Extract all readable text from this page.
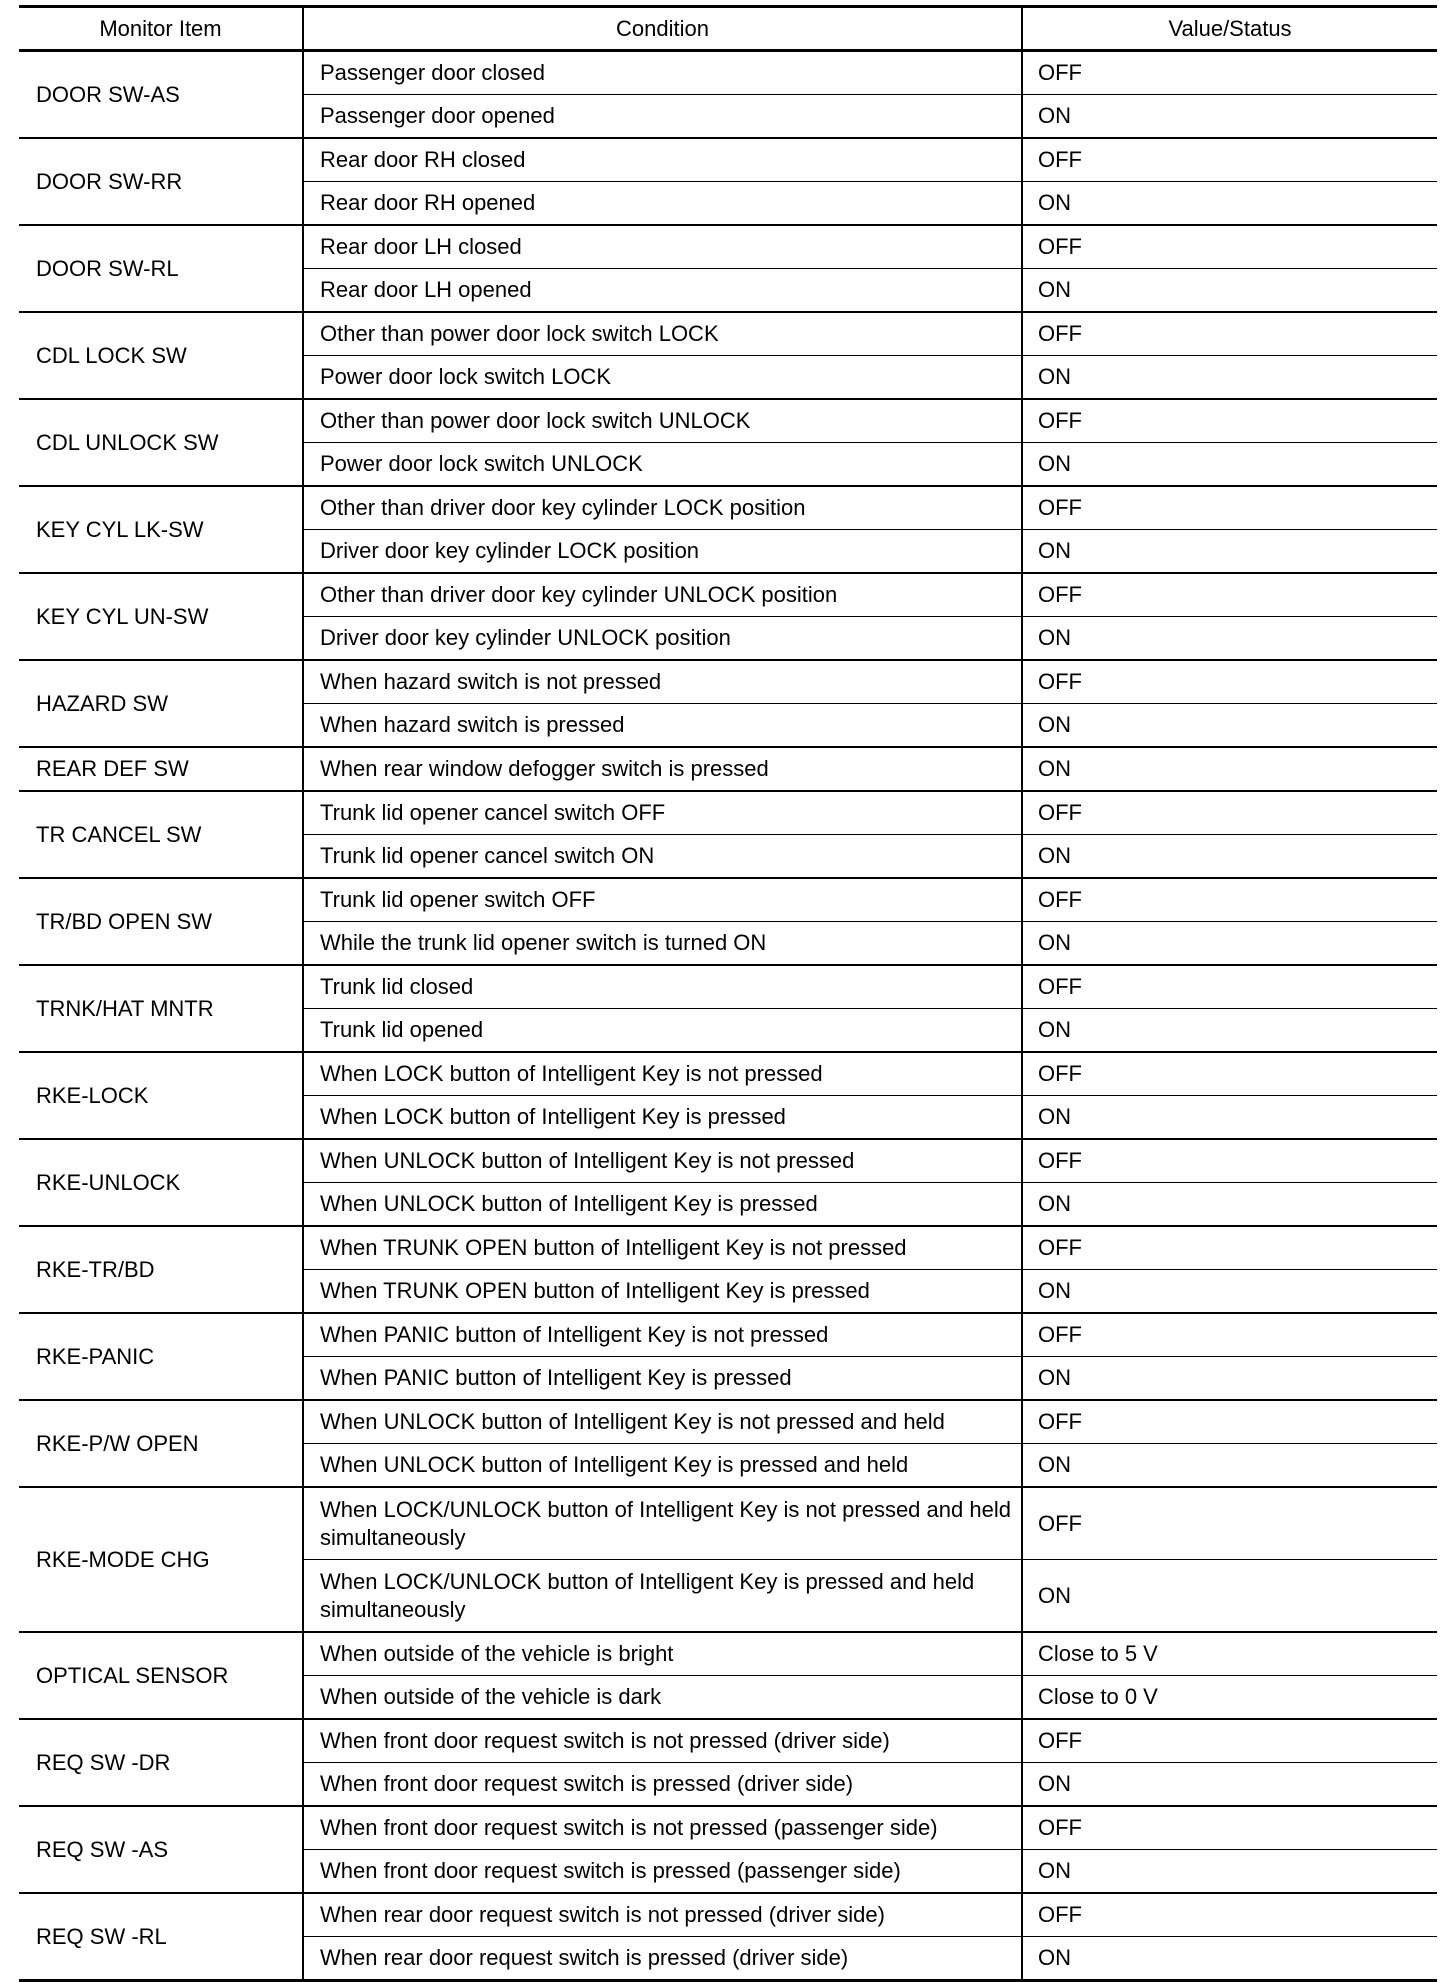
Monitor Item	Condition	Value/Status
DOOR SW-AS	Passenger door closed	OFF
	Passenger door opened	ON
DOOR SW-RR	Rear door RH closed	OFF
	Rear door RH opened	ON
DOOR SW-RL	Rear door LH closed	OFF
	Rear door LH opened	ON
CDL LOCK SW	Other than power door lock switch LOCK	OFF
	Power door lock switch LOCK	ON
CDL UNLOCK SW	Other than power door lock switch UNLOCK	OFF
	Power door lock switch UNLOCK	ON
KEY CYL LK-SW	Other than driver door key cylinder LOCK position	OFF
	Driver door key cylinder LOCK position	ON
KEY CYL UN-SW	Other than driver door key cylinder UNLOCK position	OFF
	Driver door key cylinder UNLOCK position	ON
HAZARD SW	When hazard switch is not pressed	OFF
	When hazard switch is pressed	ON
REAR DEF SW	When rear window defogger switch is pressed	ON
TR CANCEL SW	Trunk lid opener cancel switch OFF	OFF
	Trunk lid opener cancel switch ON	ON
TR/BD OPEN SW	Trunk lid opener switch OFF	OFF
	While the trunk lid opener switch is turned ON	ON
TRNK/HAT MNTR	Trunk lid closed	OFF
	Trunk lid opened	ON
RKE-LOCK	When LOCK button of Intelligent Key is not pressed	OFF
	When LOCK button of Intelligent Key is pressed	ON
RKE-UNLOCK	When UNLOCK button of Intelligent Key is not pressed	OFF
	When UNLOCK button of Intelligent Key is pressed	ON
RKE-TR/BD	When TRUNK OPEN button of Intelligent Key is not pressed	OFF
	When TRUNK OPEN button of Intelligent Key is pressed	ON
RKE-PANIC	When PANIC button of Intelligent Key is not pressed	OFF
	When PANIC button of Intelligent Key is pressed	ON
RKE-P/W OPEN	When UNLOCK button of Intelligent Key is not pressed and held	OFF
	When UNLOCK button of Intelligent Key is pressed and held	ON
RKE-MODE CHG	When LOCK/UNLOCK button of Intelligent Key is not pressed and held simultaneously	OFF
	When LOCK/UNLOCK button of Intelligent Key is pressed and held simultaneously	ON
OPTICAL SENSOR	When outside of the vehicle is bright	Close to 5 V
	When outside of the vehicle is dark	Close to 0 V
REQ SW -DR	When front door request switch is not pressed (driver side)	OFF
	When front door request switch is pressed (driver side)	ON
REQ SW -AS	When front door request switch is not pressed (passenger side)	OFF
	When front door request switch is pressed (passenger side)	ON
REQ SW -RL	When rear door request switch is not pressed (driver side)	OFF
	When rear door request switch is pressed (driver side)	ON
